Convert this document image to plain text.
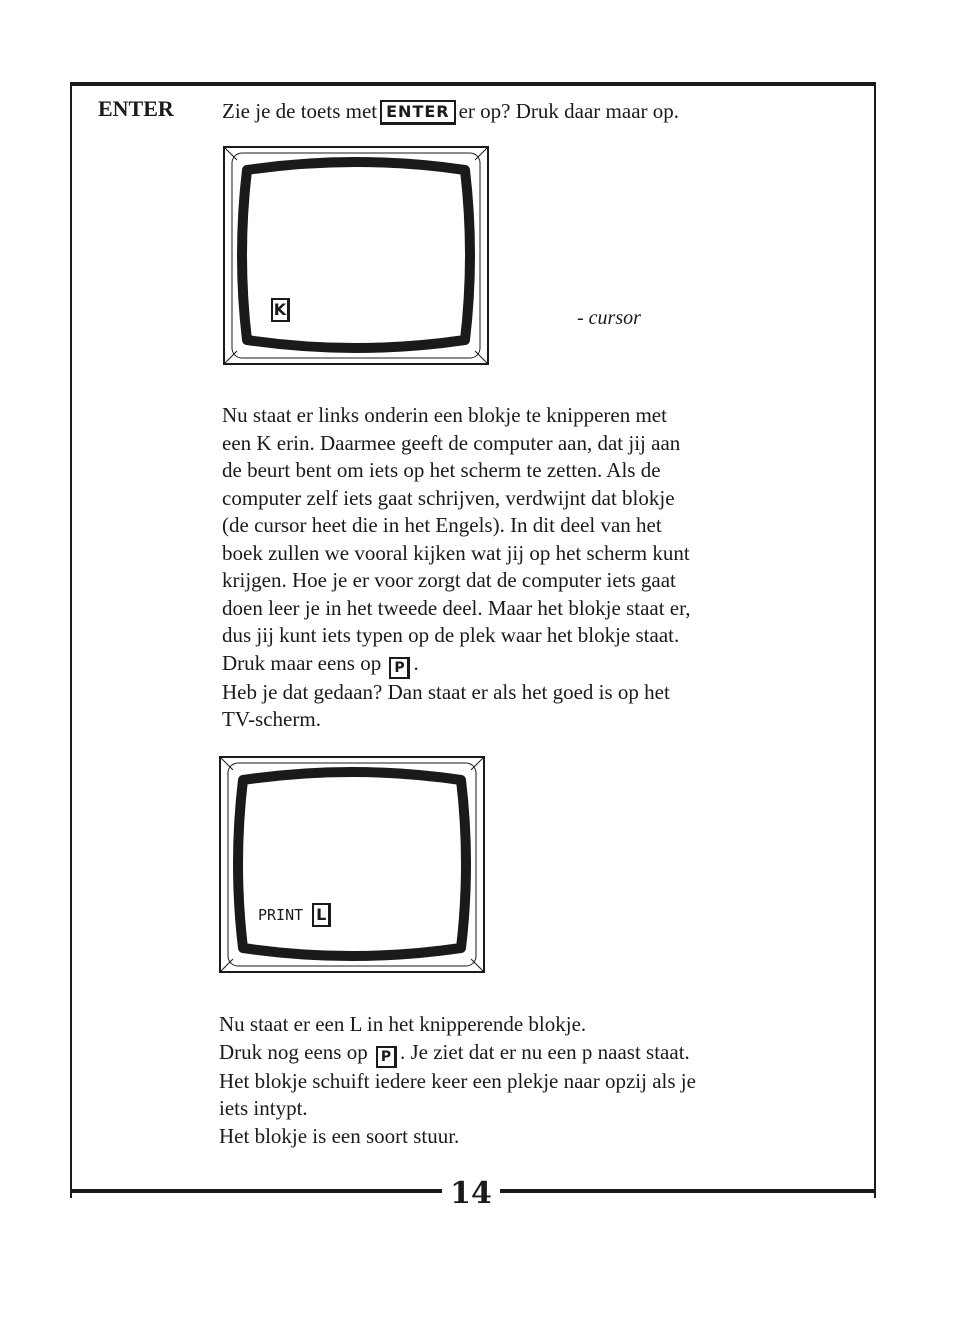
14
ENTER Zie je de toets met ENTER er op? Druk daar maar op.
K	- cursor
Nu staat er links onderin een blokje te knipperen met
een K erin. Daarmee geeft de computer aan, dat jij aan
de beurt bent om iets op het scherm te zetten. Als de
computer zelf iets gaat schrijven, verdwijnt dat blokje
(de cursor heet die in het Engels). In dit deel van het
boek zullen we vooral kijken wat jij op het scherm kunt
krijgen. Hoe je er voor zorgt dat de computer iets gaat
doen leer je in het tweede deel. Maar het blokje staat er,
dus jij kunt iets typen op de plek waar het blokje staat.
Druk maar eens op P .
Heb je dat gedaan? Dan staat er als het goed is op het
TV-scherm.
PRINT L
Nu staat er een L in het knipperende blokje.
Druk nog eens op P . Je ziet dat er nu een p naast staat.
Het blokje schuift iedere keer een plekje naar opzij als je
iets intypt.
Het blokje is een soort stuur.
